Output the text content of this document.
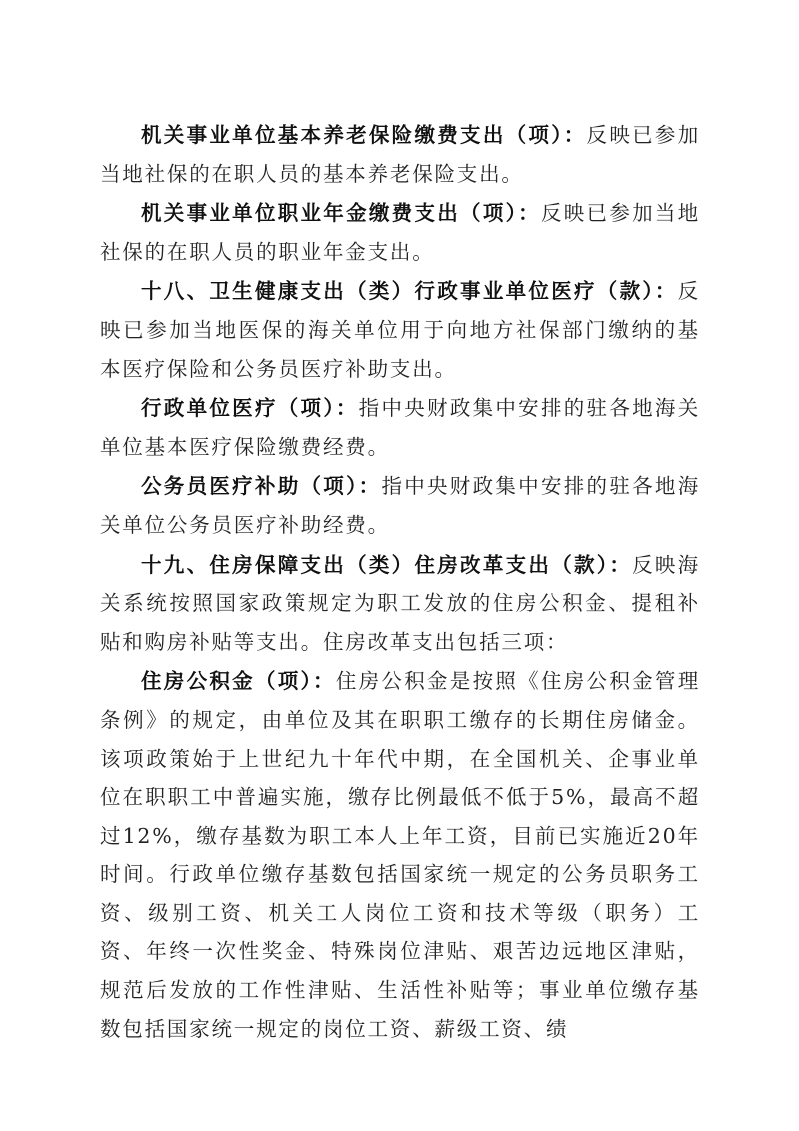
机关事业单位基本养老保险缴费支出（项）：反映已参加当地社保的在职人员的基本养老保险支出。

机关事业单位职业年金缴费支出（项）：反映已参加当地社保的在职人员的职业年金支出。

十八、卫生健康支出（类）行政事业单位医疗（款）：反映已参加当地医保的海关单位用于向地方社保部门缴纳的基本医疗保险和公务员医疗补助支出。

行政单位医疗（项）：指中央财政集中安排的驻各地海关单位基本医疗保险缴费经费。

公务员医疗补助（项）：指中央财政集中安排的驻各地海关单位公务员医疗补助经费。

十九、住房保障支出（类）住房改革支出（款）：反映海关系统按照国家政策规定为职工发放的住房公积金、提租补贴和购房补贴等支出。住房改革支出包括三项：

住房公积金（项）：住房公积金是按照《住房公积金管理条例》的规定，由单位及其在职职工缴存的长期住房储金。该项政策始于上世纪九十年代中期，在全国机关、企事业单位在职职工中普遍实施，缴存比例最低不低于5%，最高不超过12%，缴存基数为职工本人上年工资，目前已实施近20年时间。行政单位缴存基数包括国家统一规定的公务员职务工资、级别工资、机关工人岗位工资和技术等级（职务）工资、年终一次性奖金、特殊岗位津贴、艰苦边远地区津贴，规范后发放的工作性津贴、生活性补贴等；事业单位缴存基数包括国家统一规定的岗位工资、薪级工资、绩
